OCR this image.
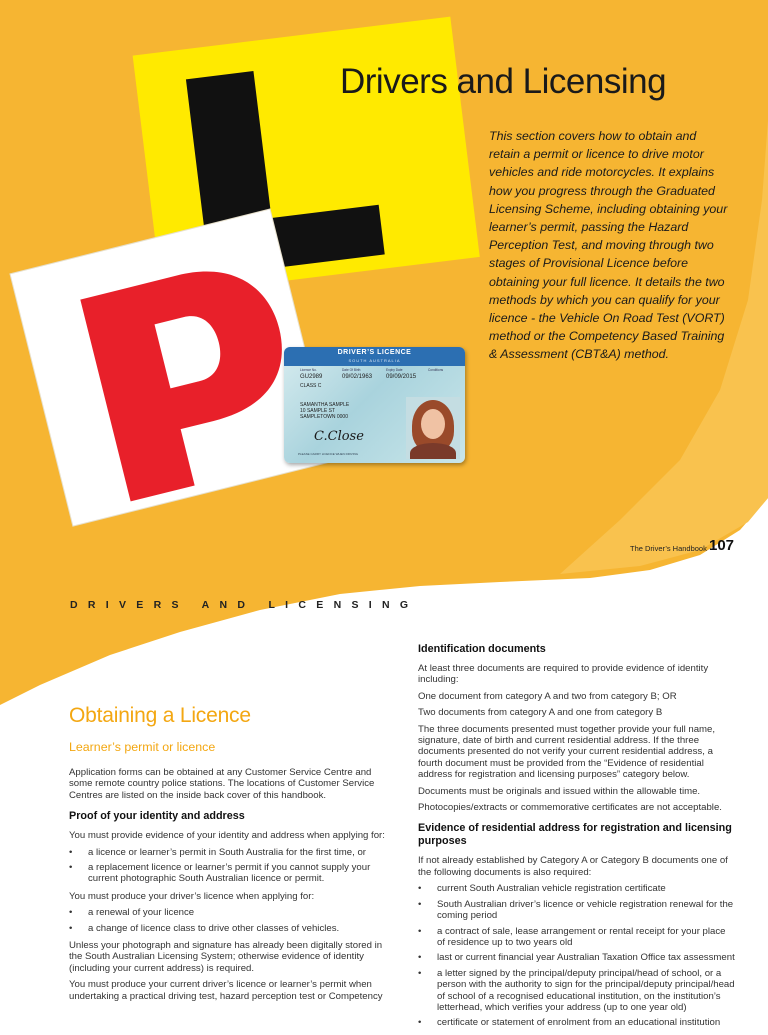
DRIVER’S LICENCE
SOUTH AUSTRALIA
Licence No.	Date Of Birth	Expiry Date	Conditions
GU2989	09/02/1963 09/09/2015
CLASS C
SAMANTHA SAMPLE
10 SAMPLE ST
SAMPLETOWN 0000
C.Close
PLEASE CARRY LICENCE WHEN DRIVING
Drivers and Licensing
This section covers how to obtain and retain a permit or licence to drive motor vehicles and ride motorcycles. It explains how you progress through the Graduated Licensing Scheme, including obtaining your learner’s permit, passing the Hazard Perception Test, and moving through two stages of Provisional Licence before obtaining your full licence. It details the two methods by which you can qualify for your licence - the Vehicle On Road Test (VORT) method or the Competency Based Training & Assessment (CBT&A) method.
The Driver’s Handbook 107
DRIVERS AND LICENSING
Obtaining a Licence
Learner’s permit or licence

Application forms can be obtained at any Customer Service Centre and some remote country police stations. The locations of Customer Service Centres are listed on the inside back cover of this handbook.

Proof of your identity and address

You must provide evidence of your identity and address when applying for:

• a licence or learner’s permit in South Australia for the first time, or
• a replacement licence or learner’s permit if you cannot supply your current photographic South Australian licence or permit.

You must produce your driver’s licence when applying for:

• a renewal of your licence
• a change of licence class to drive other classes of vehicles.

Unless your photograph and signature has already been digitally stored in the South Australian Licensing System; otherwise evidence of identity (including your current address) is required.

You must produce your current driver’s licence or learner’s permit when undertaking a practical driving test, hazard perception test or Competency

Identification documents

At least three documents are required to provide evidence of identity including:

One document from category A and two from category B; OR

Two documents from category A and one from category B

The three documents presented must together provide your full name, signature, date of birth and current residential address. If the three documents presented do not verify your current residential address, a fourth document must be provided from the “Evidence of residential address for registration and licensing purposes” category below.

Documents must be originals and issued within the allowable time.

Photocopies/extracts or commemorative certificates are not acceptable.

Evidence of residential address for registration and licensing purposes

If not already established by Category A or Category B documents one of the following documents is also required:

• current South Australian vehicle registration certificate
• South Australian driver’s licence or vehicle registration renewal for the coming period
• a contract of sale, lease arrangement or rental receipt for your place of residence up to two years old
• last or current financial year Australian Taxation Office tax assessment
• a letter signed by the principal/deputy principal/head of school, or a person with the authority to sign for the principal/deputy principal/head of school of a recognised educational institution, on the institution’s letterhead, which verifies your address (up to one year old)
• certificate or statement of enrolment from an educational institution
